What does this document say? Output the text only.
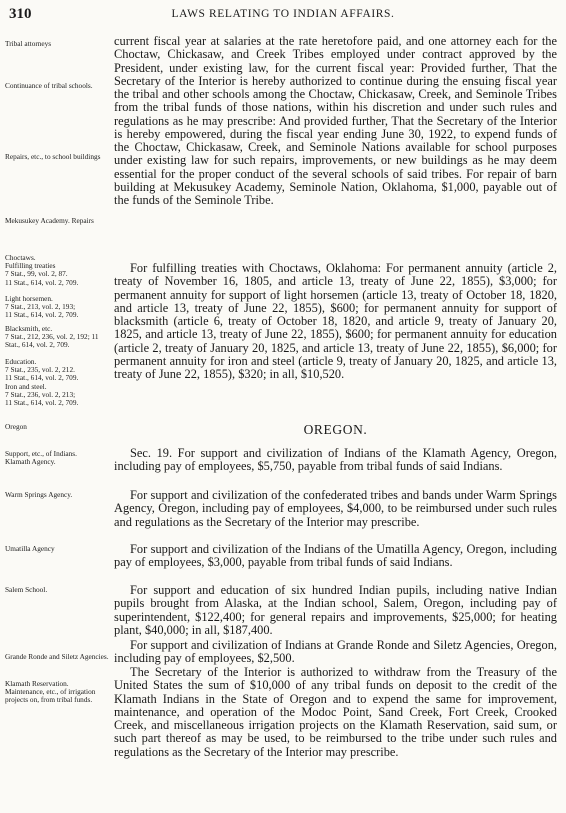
310	LAWS RELATING TO INDIAN AFFAIRS.
Tribal attorneys
Continuance of tribal schools.
Repairs, etc., to school buildings
Mekusukey Academy. Repairs
Choctaws.
Fulfilling treaties
7 Stat., 99, vol. 2, 87.
11 Stat., 614, vol. 2, 709.
Light horsemen.
7 Stat., 213, vol. 2, 193;
11 Stat., 614, vol. 2, 709.
Blacksmith, etc.
7 Stat., 212, 236, vol. 2, 192; 11 Stat., 614, vol. 2, 709.
Education.
7 Stat., 235, vol. 2, 212.
11 Stat., 614, vol. 2, 709.
Iron and steel.
7 Stat., 236, vol. 2, 213;
11 Stat., 614, vol. 2, 709.
Oregon
Support, etc., of Indians.
Klamath Agency.
Warm Springs Agency.
Umatilla Agency
Salem School.
Grande Ronde and Siletz Agencies.
Klamath Reservation.
Maintenance, etc., of irrigation projects on, from tribal funds.

current fiscal year at salaries at the rate heretofore paid, and one attorney each for the Choctaw, Chickasaw, and Creek Tribes employed under contract approved by the President, under existing law, for the current fiscal year: Provided further, That the Secretary of the Interior is hereby authorized to continue during the ensuing fiscal year the tribal and other schools among the Choctaw, Chickasaw, Creek, and Seminole Tribes from the tribal funds of those nations, within his discretion and under such rules and regulations as he may prescribe: And provided further, That the Secretary of the Interior is hereby empowered, during the fiscal year ending June 30, 1922, to expend funds of the Choctaw, Chickasaw, Creek, and Seminole Nations available for school purposes under existing law for such repairs, improvements, or new buildings as he may deem essential for the proper conduct of the several schools of said tribes. For repair of barn building at Mekusukey Academy, Seminole Nation, Oklahoma, $1,000, payable out of the funds of the Seminole Tribe.

For fulfilling treaties with Choctaws, Oklahoma: For permanent annuity (article 2, treaty of November 16, 1805, and article 13, treaty of June 22, 1855), $3,000; for permanent annuity for support of light horsemen (article 13, treaty of October 18, 1820, and article 13, treaty of June 22, 1855), $600; for permanent annuity for support of blacksmith (article 6, treaty of October 18, 1820, and article 9, treaty of January 20, 1825, and article 13, treaty of June 22, 1855), $600; for permanent annuity for education (article 2, treaty of January 20, 1825, and article 13, treaty of June 22, 1855), $6,000; for permanent annuity for iron and steel (article 9, treaty of January 20, 1825, and article 13, treaty of June 22, 1855), $320; in all, $10,520.

OREGON.

Sec. 19. For support and civilization of Indians of the Klamath Agency, Oregon, including pay of employees, $5,750, payable from tribal funds of said Indians.

For support and civilization of the confederated tribes and bands under Warm Springs Agency, Oregon, including pay of employees, $4,000, to be reimbursed under such rules and regulations as the Secretary of the Interior may prescribe.

For support and civilization of the Indians of the Umatilla Agency, Oregon, including pay of employees, $3,000, payable from tribal funds of said Indians.

For support and education of six hundred Indian pupils, including native Indian pupils brought from Alaska, at the Indian school, Salem, Oregon, including pay of superintendent, $122,400; for general repairs and improvements, $25,000; for heating plant, $40,000; in all, $187,400.

For support and civilization of Indians at Grande Ronde and Siletz Agencies, Oregon, including pay of employees, $2,500.

The Secretary of the Interior is authorized to withdraw from the Treasury of the United States the sum of $10,000 of any tribal funds on deposit to the credit of the Klamath Indians in the State of Oregon and to expend the same for improvement, maintenance, and operation of the Modoc Point, Sand Creek, Fort Creek, Crooked Creek, and miscellaneous irrigation projects on the Klamath Reservation, said sum, or such part thereof as may be used, to be reimbursed to the tribe under such rules and regulations as the Secretary of the Interior may prescribe.
